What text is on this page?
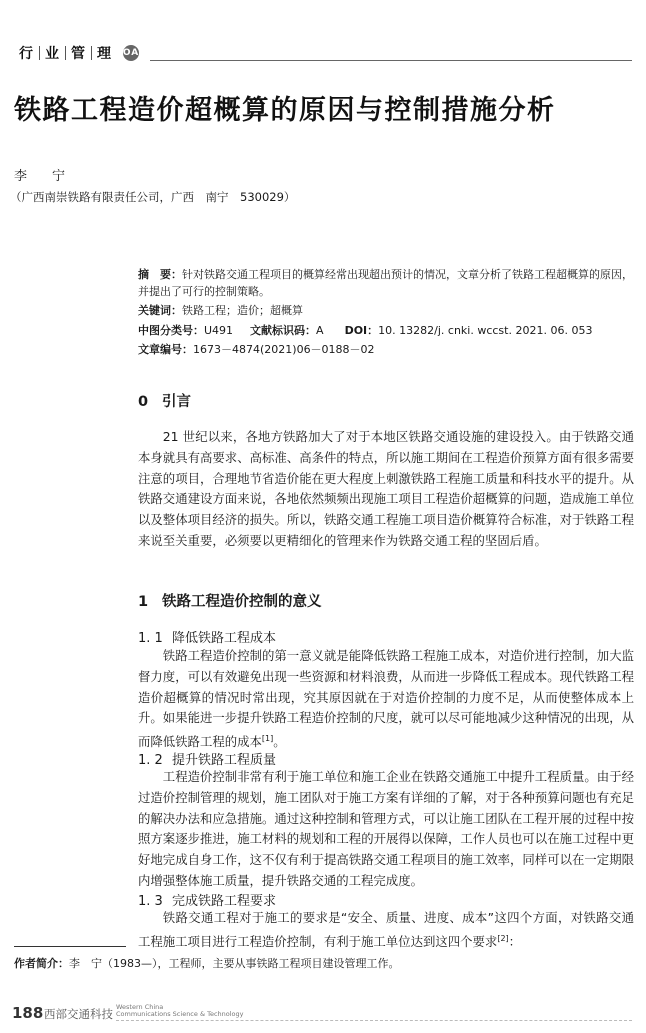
行 业 管 理	OA
铁路工程造价超概算的原因与控制措施分析
李　宁
（广西南崇铁路有限责任公司，广西　南宁　530029）
摘　要：针对铁路交通工程项目的概算经常出现超出预计的情况，文章分析了铁路工程超概算的原因，并提出了可行的控制策略。
关键词：铁路工程；造价；超概算
中图分类号：U491 文献标识码：A DOI：10. 13282/j. cnki. wccst. 2021. 06. 053
文章编号：1673－4874(2021)06－0188－02
0 引言

21 世纪以来，各地方铁路加大了对于本地区铁路交通设施的建设投入。由于铁路交通本身就具有高要求、高标准、高条件的特点，所以施工期间在工程造价预算方面有很多需要注意的项目，合理地节省造价能在更大程度上刺激铁路工程施工质量和科技水平的提升。从铁路交通建设方面来说，各地依然频频出现施工项目工程造价超概算的问题，造成施工单位以及整体项目经济的损失。所以，铁路交通工程施工项目造价概算符合标准，对于铁路工程来说至关重要，必须要以更精细化的管理来作为铁路交通工程的坚固后盾。

1 铁路工程造价控制的意义
1. 1 降低铁路工程成本

铁路工程造价控制的第一意义就是能降低铁路工程施工成本，对造价进行控制，加大监督力度，可以有效避免出现一些资源和材料浪费，从而进一步降低工程成本。现代铁路工程造价超概算的情况时常出现，究其原因就在于对造价控制的力度不足，从而使整体成本上升。如果能进一步提升铁路工程造价控制的尺度，就可以尽可能地减少这种情况的出现，从而降低铁路工程的成本[1]。

1. 2 提升铁路工程质量

工程造价控制非常有利于施工单位和施工企业在铁路交通施工中提升工程质量。由于经过造价控制管理的规划，施工团队对于施工方案有详细的了解，对于各种预算问题也有充足的解决办法和应急措施。通过这种控制和管理方式，可以让施工团队在工程开展的过程中按照方案逐步推进，施工材料的规划和工程的开展得以保障，工作人员也可以在施工过程中更好地完成自身工作，这不仅有利于提高铁路交通工程项目的施工效率，同样可以在一定期限内增强整体施工质量，提升铁路交通的工程完成度。

1. 3 完成铁路工程要求

铁路交通工程对于施工的要求是“安全、质量、进度、成本”这四个方面，对铁路交通工程施工项目进行工程造价控制，有利于施工单位达到这四个要求[2]：

作者简介：李　宁（1983—），工程师，主要从事铁路工程项目建设管理工作。
188 西部交通科技 Western China
Communications Science & Technology
